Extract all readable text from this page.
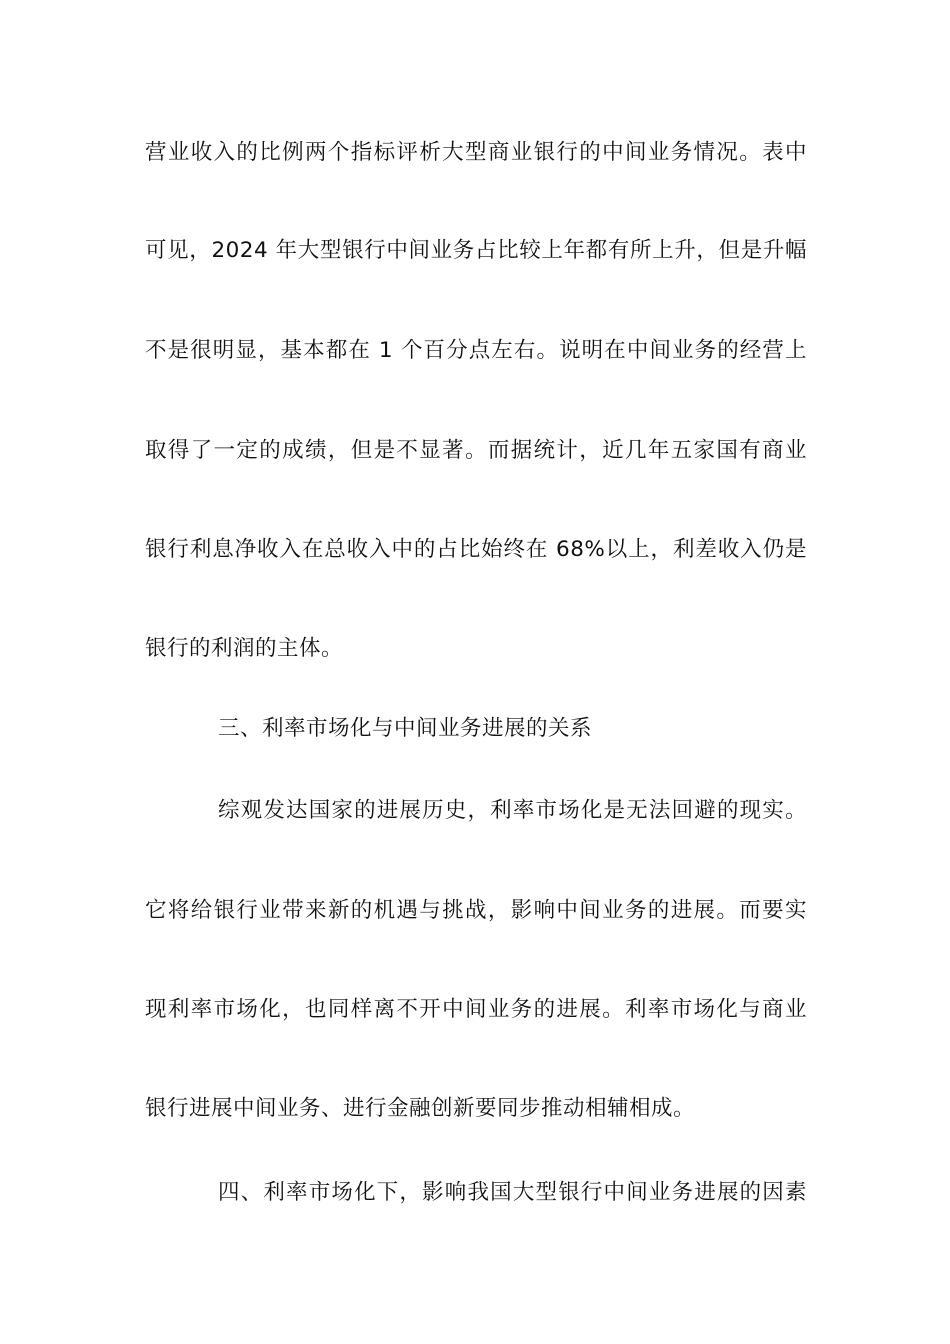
营业收入的比例两个指标评析大型商业银行的中间业务情况。表中
可见，2024 年大型银行中间业务占比较上年都有所上升，但是升幅
不是很明显，基本都在 1 个百分点左右。说明在中间业务的经营上
取得了一定的成绩，但是不显著。而据统计，近几年五家国有商业
银行利息净收入在总收入中的占比始终在 68%以上，利差收入仍是
银行的利润的主体。
三、利率市场化与中间业务进展的关系
综观发达国家的进展历史，利率市场化是无法回避的现实。
它将给银行业带来新的机遇与挑战，影响中间业务的进展。而要实
现利率市场化，也同样离不开中间业务的进展。利率市场化与商业
银行进展中间业务、进行金融创新要同步推动相辅相成。
四、利率市场化下，影响我国大型银行中间业务进展的因素
